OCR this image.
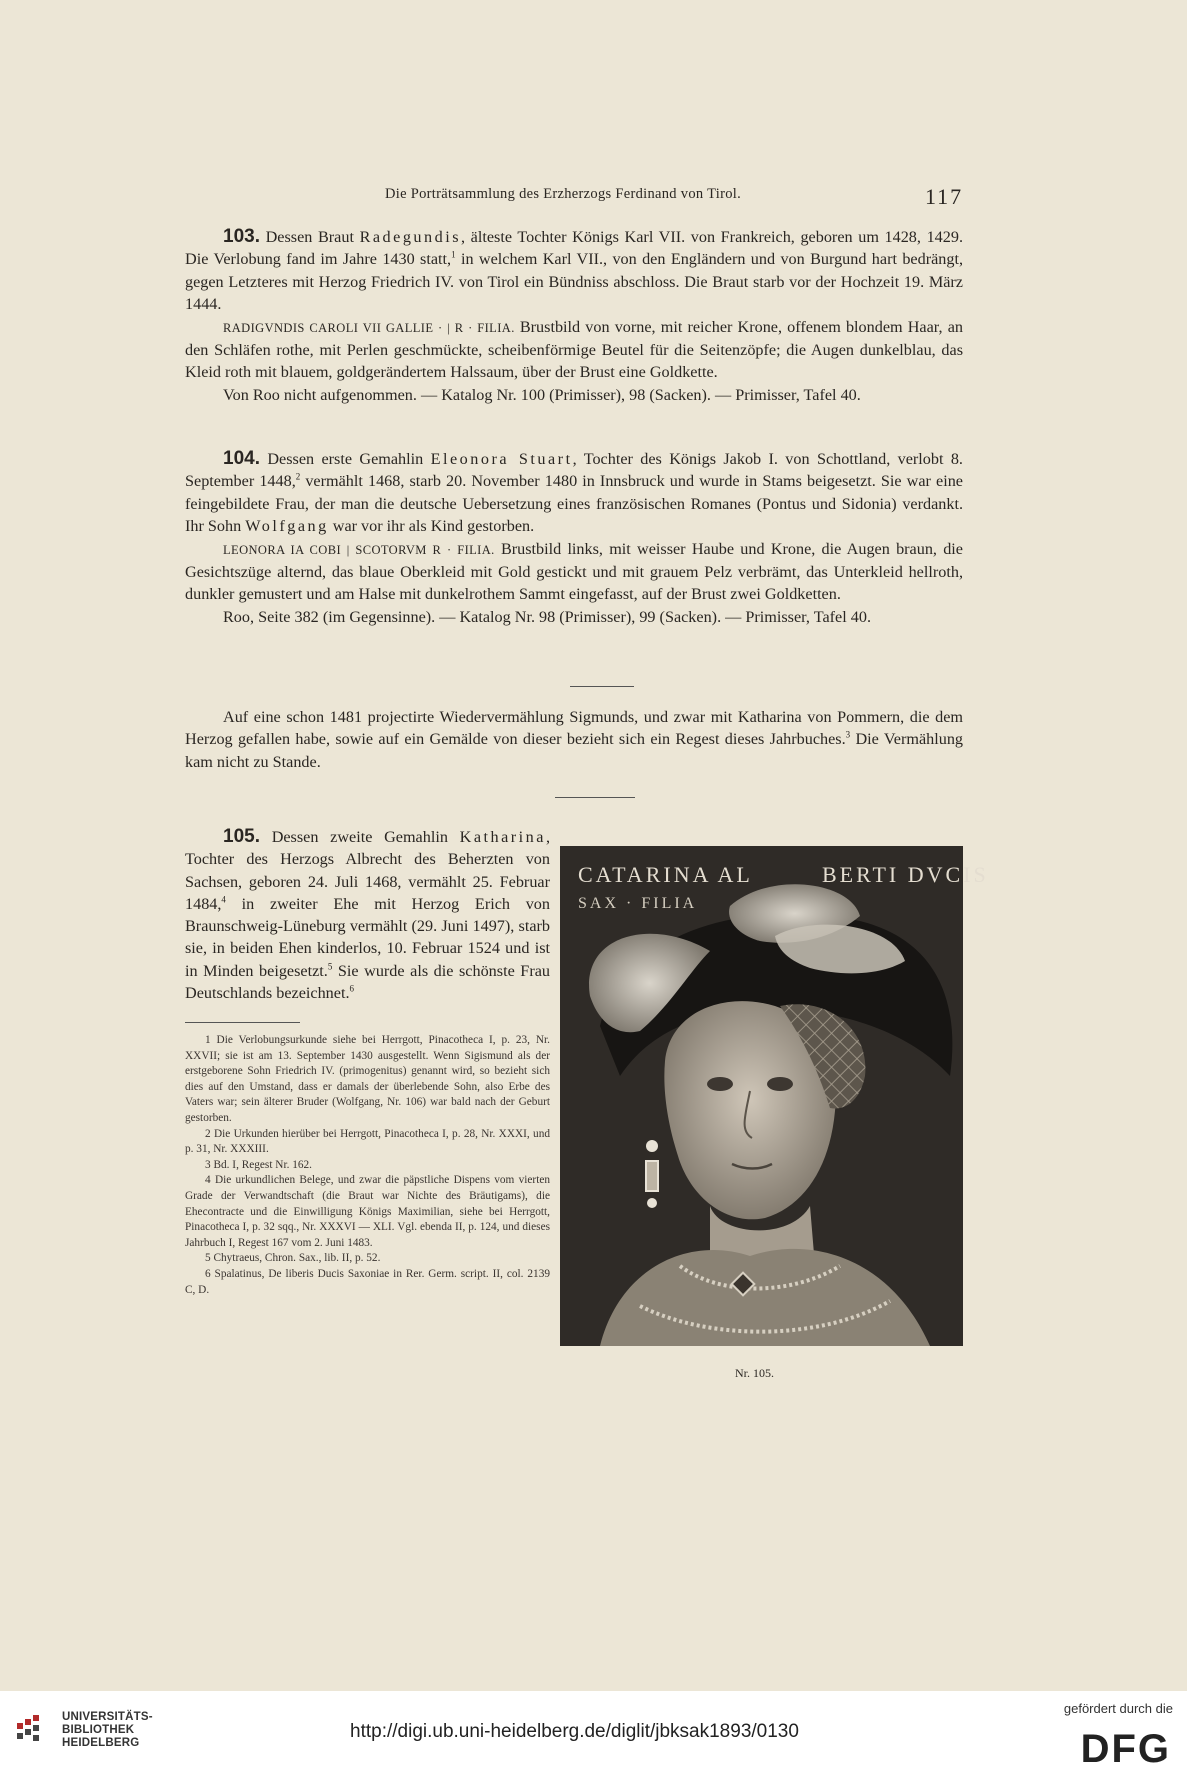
Die Porträtsammlung des Erzherzogs Ferdinand von Tirol.	117

103. Dessen Braut Radegundis, älteste Tochter Königs Karl VII. von Frankreich, geboren um 1428, 1429. Die Verlobung fand im Jahre 1430 statt,$^1$ in welchem Karl VII., von den Engländern und von Burgund hart bedrängt, gegen Letzteres mit Herzog Friedrich IV. von Tirol ein Bündniss abschloss. Die Braut starb vor der Hochzeit 19. März 1444.

RADIGVNDIS CAROLI VII GALLIE · | R · FILIA. Brustbild von vorne, mit reicher Krone, offenem blondem Haar, an den Schläfen rothe, mit Perlen geschmückte, scheibenförmige Beutel für die Seitenzöpfe; die Augen dunkelblau, das Kleid roth mit blauem, goldgerändertem Halssaum, über der Brust eine Goldkette.

Von Roo nicht aufgenommen. — Katalog Nr. 100 (Primisser), 98 (Sacken). — Primisser, Tafel 40.

104. Dessen erste Gemahlin Eleonora Stuart, Tochter des Königs Jakob I. von Schottland, verlobt 8. September 1448,$^2$ vermählt 1468, starb 20. November 1480 in Innsbruck und wurde in Stams beigesetzt. Sie war eine feingebildete Frau, der man die deutsche Uebersetzung eines französischen Romanes (Pontus und Sidonia) verdankt. Ihr Sohn Wolfgang war vor ihr als Kind gestorben.

LEONORA IA COBI | SCOTORVM R · FILIA. Brustbild links, mit weisser Haube und Krone, die Augen braun, die Gesichtszüge alternd, das blaue Oberkleid mit Gold gestickt und mit grauem Pelz verbrämt, das Unterkleid hellroth, dunkler gemustert und am Halse mit dunkelrothem Sammt eingefasst, auf der Brust zwei Goldketten.

Roo, Seite 382 (im Gegensinne). — Katalog Nr. 98 (Primisser), 99 (Sacken). — Primisser, Tafel 40.

Auf eine schon 1481 projectirte Wiedervermählung Sigmunds, und zwar mit Katharina von Pommern, die dem Herzog gefallen habe, sowie auf ein Gemälde von dieser bezieht sich ein Regest dieses Jahrbuches.$^3$ Die Vermählung kam nicht zu Stande.

105. Dessen zweite Gemahlin Katharina, Tochter des Herzogs Albrecht des Beherzten von Sachsen, geboren 24. Juli 1468, vermählt 25. Februar 1484,$^4$ in zweiter Ehe mit Herzog Erich von Braunschweig-Lüneburg vermählt (29. Juni 1497), starb sie, in beiden Ehen kinderlos, 10. Februar 1524 und ist in Minden beigesetzt.$^5$ Sie wurde als die schönste Frau Deutschlands bezeichnet.$^6$

1 Die Verlobungsurkunde siehe bei Herrgott, Pinacotheca I, p. 23, Nr. XXVII; sie ist am 13. September 1430 ausgestellt. Wenn Sigismund als der erstgeborene Sohn Friedrich IV. (primogenitus) genannt wird, so bezieht sich dies auf den Umstand, dass er damals der überlebende Sohn, also Erbe des Vaters war; sein älterer Bruder (Wolfgang, Nr. 106) war bald nach der Geburt gestorben.

2 Die Urkunden hierüber bei Herrgott, Pinacotheca I, p. 28, Nr. XXXI, und p. 31, Nr. XXXIII.

3 Bd. I, Regest Nr. 162.

4 Die urkundlichen Belege, und zwar die päpstliche Dispens vom vierten Grade der Verwandtschaft (die Braut war Nichte des Bräutigams), die Ehecontracte und die Einwilligung Königs Maximilian, siehe bei Herrgott, Pinacotheca I, p. 32 sqq., Nr. XXXVI — XLI. Vgl. ebenda II, p. 124, und dieses Jahrbuch I, Regest 167 vom 2. Juni 1483.

5 Chytraeus, Chron. Sax., lib. II, p. 52.

6 Spalatinus, De liberis Ducis Saxoniae in Rer. Germ. script. II, col. 2139 C, D.

CATARINA AL	BERTI DVCIS
SAX · FILIA
Nr. 105.
UNIVERSITÄTS-
BIBLIOTHEK
HEIDELBERG
http://digi.ub.uni-heidelberg.de/diglit/jbksak1893/0130
gefördert durch die
DFG
